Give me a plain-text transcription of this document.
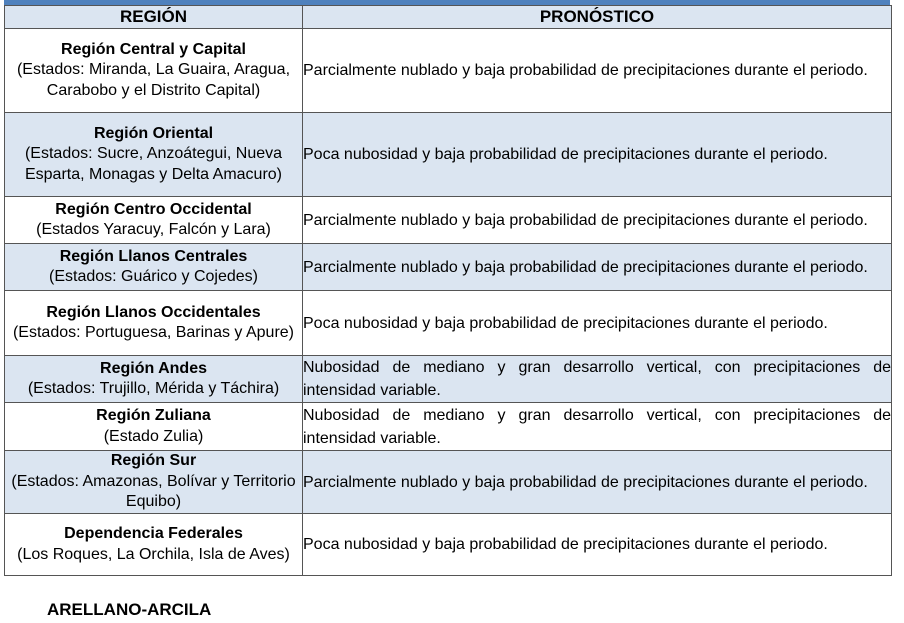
REGIÓN	PRONÓSTICO

Región Central y Capital
(Estados: Miranda, La Guaira, Aragua, Carabobo y el Distrito Capital)	Parcialmente nublado y baja probabilidad de precipitaciones durante el periodo.

Región Oriental
(Estados: Sucre, Anzoátegui, Nueva Esparta, Monagas y Delta Amacuro)	Poca nubosidad y baja probabilidad de precipitaciones durante el periodo.

Región Centro Occidental
(Estados Yaracuy, Falcón y Lara)	Parcialmente nublado y baja probabilidad de precipitaciones durante el periodo.

Región Llanos Centrales
(Estados: Guárico y Cojedes)	Parcialmente nublado y baja probabilidad de precipitaciones durante el periodo.

Región Llanos Occidentales
(Estados: Portuguesa, Barinas y Apure)	Poca nubosidad y baja probabilidad de precipitaciones durante el periodo.

Región Andes
(Estados: Trujillo, Mérida y Táchira)	Nubosidad de mediano y gran desarrollo vertical, con precipitaciones de intensidad variable.

Región Zuliana
(Estado Zulia)	Nubosidad de mediano y gran desarrollo vertical, con precipitaciones de intensidad variable.

Región Sur
(Estados: Amazonas, Bolívar y Territorio Equibo)	Parcialmente nublado y baja probabilidad de precipitaciones durante el periodo.

Dependencia Federales
(Los Roques, La Orchila, Isla de Aves)	Poca nubosidad y baja probabilidad de precipitaciones durante el periodo.
ARELLANO-ARCILA
